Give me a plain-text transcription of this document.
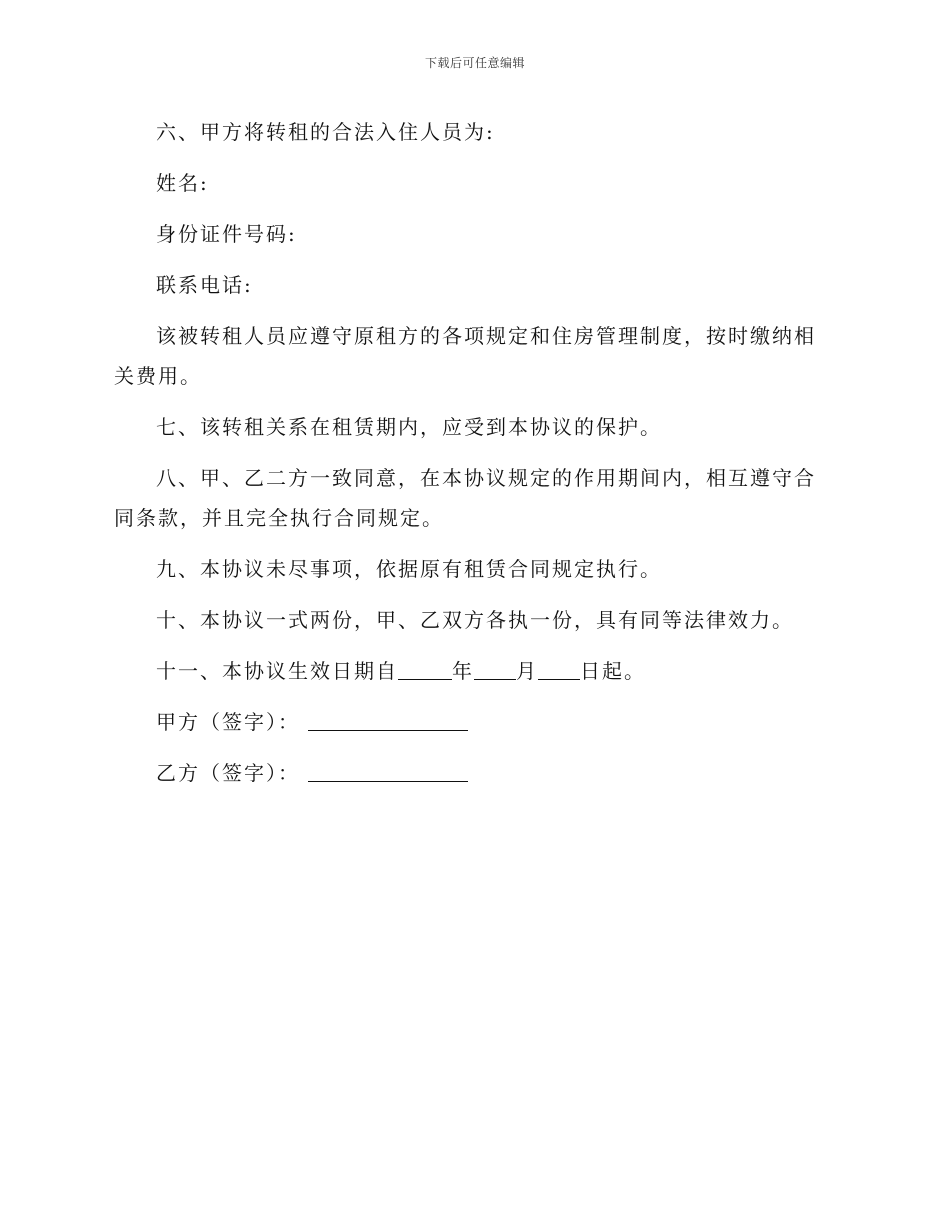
下载后可任意编辑

六、甲方将转租的合法入住人员为:

姓名:

身份证件号码:

联系电话:

该被转租人员应遵守原租方的各项规定和住房管理制度，按时缴纳相关费用。

七、该转租关系在租赁期内，应受到本协议的保护。

八、甲、乙二方一致同意，在本协议规定的作用期间内，相互遵守合同条款，并且完全执行合同规定。

九、本协议未尽事项，依据原有租赁合同规定执行。

十、本协议一式两份，甲、乙双方各执一份，具有同等法律效力。

十一、本协议生效日期自	年 月 日起。

甲方（签字）：

乙方（签字）：
